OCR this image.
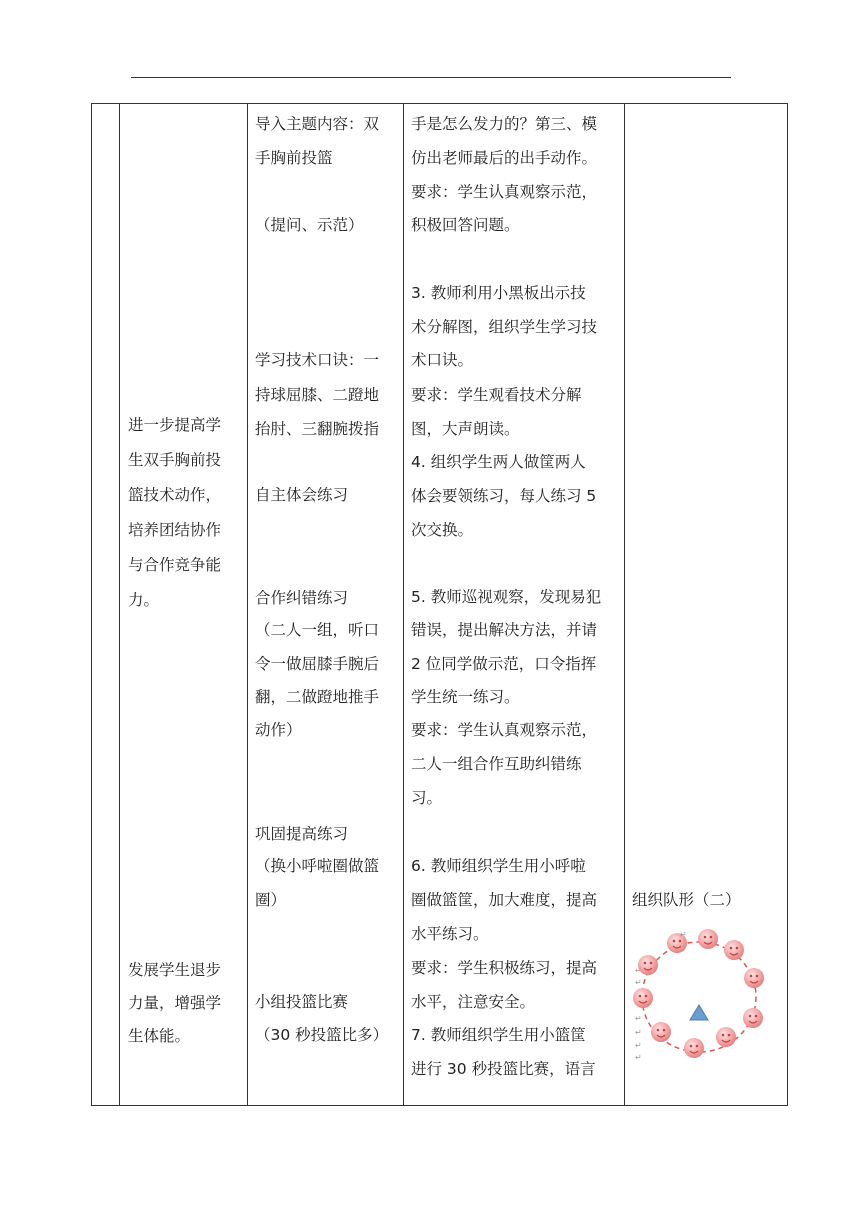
进一步提高学
生双手胸前投
篮技术动作，
培养团结协作
与合作竞争能
力。
发展学生退步
力量，增强学
生体能。
导入主题内容：双
手胸前投篮
（提问、示范）
学习技术口诀：一
持球屈膝、二蹬地
抬肘、三翻腕拨指
自主体会练习
合作纠错练习
（二人一组，听口
令一做屈膝手腕后
翻，二做蹬地推手
动作）
巩固提高练习
（换小呼啦圈做篮
圈）
小组投篮比赛
（30 秒投篮比多）
手是怎么发力的？第三、模
仿出老师最后的出手动作。
要求：学生认真观察示范，
积极回答问题。
3. 教师利用小黑板出示技
术分解图，组织学生学习技
术口诀。
要求：学生观看技术分解
图，大声朗读。
4. 组织学生两人做筐两人
体会要领练习，每人练习 5
次交换。
5. 教师巡视观察，发现易犯
错误，提出解决方法，并请
2 位同学做示范，口令指挥
学生统一练习。
要求：学生认真观察示范，
二人一组合作互助纠错练
习。
6. 教师组织学生用小呼啦
圈做篮筐，加大难度，提高
水平练习。
要求：学生积极练习，提高
水平，注意安全。
7. 教师组织学生用小篮筐
进行 30 秒投篮比赛，语言
组织队形（二）
↵
↵
↵
↵
↵
↵
↵
